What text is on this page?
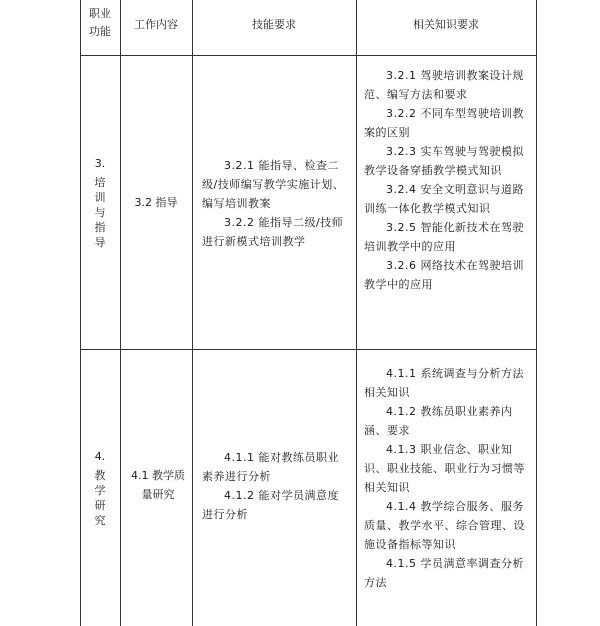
职业
功能
工作内容	技能要求	相关知识要求
3.
培
训
与
指
导
3.2 指导

3.2.1 能指导、检查二级/技师编写教学实施计划、编写培训教案

3.2.2 能指导二级/技师进行新模式培训教学

3.2.1 驾驶培训教案设计规范、编写方法和要求

3.2.2 不同车型驾驶培训教案的区别

3.2.3 实车驾驶与驾驶模拟教学设备穿插教学模式知识

3.2.4 安全文明意识与道路训练一体化教学模式知识

3.2.5 智能化新技术在驾驶培训教学中的应用

3.2.6 网络技术在驾驶培训教学中的应用

4.
教
学
研
究
4.1 教学质量研究

4.1.1 能对教练员职业素养进行分析

4.1.2 能对学员满意度进行分析

4.1.1 系统调查与分析方法相关知识

4.1.2 教练员职业素养内涵、要求

4.1.3 职业信念、职业知识、职业技能、职业行为习惯等相关知识

4.1.4 教学综合服务、服务质量、教学水平、综合管理、设施设备指标等知识

4.1.5 学员满意率调查分析方法
